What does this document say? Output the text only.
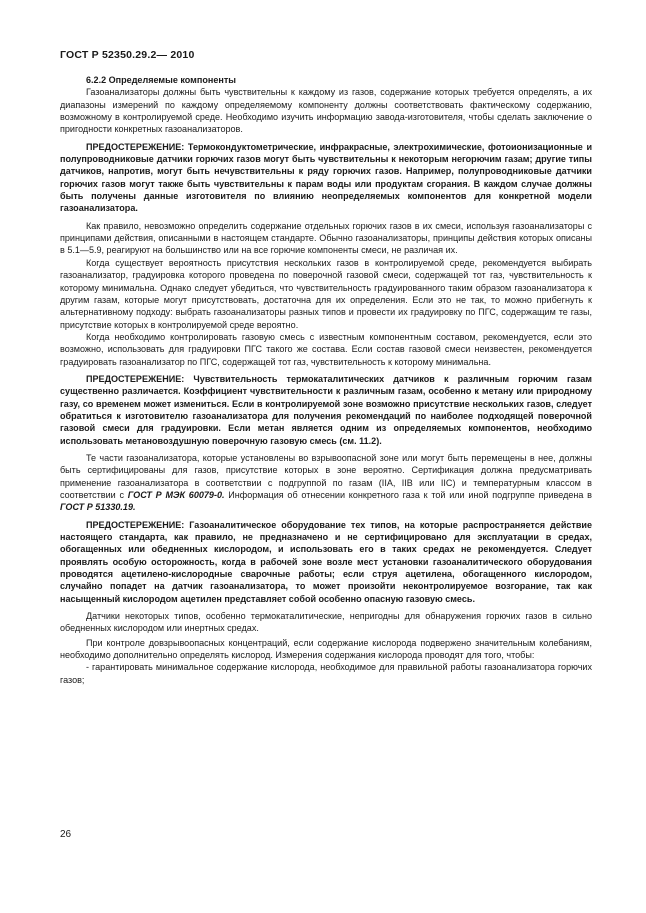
ГОСТ Р 52350.29.2— 2010

6.2.2 Определяемые компоненты

Газоанализаторы должны быть чувствительны к каждому из газов, содержание которых требуется определять, а их диапазоны измерений по каждому определяемому компоненту должны соответствовать фактическому содержанию, возможному в контролируемой среде. Необходимо изучить информацию завода-изготовителя, чтобы сделать заключение о пригодности конкретных газоанализаторов.

ПРЕДОСТЕРЕЖЕНИЕ: Термокондуктометрические, инфракрасные, электрохимические, фотоионизационные и полупроводниковые датчики горючих газов могут быть чувствительны к некоторым негорючим газам; другие типы датчиков, напротив, могут быть нечувствительны к ряду горючих газов. Например, полупроводниковые датчики горючих газов могут также быть чувствительны к парам воды или продуктам сгорания. В каждом случае должны быть получены данные изготовителя по влиянию неопределяемых компонентов для конкретной модели газоанализатора.

Как правило, невозможно определить содержание отдельных горючих газов в их смеси, используя газоанализаторы с принципами действия, описанными в настоящем стандарте. Обычно газоанализаторы, принципы действия которых описаны в 5.1—5.9, реагируют на большинство или на все горючие компоненты смеси, не различая их.

Когда существует вероятность присутствия нескольких газов в контролируемой среде, рекомендуется выбирать газоанализатор, градуировка которого проведена по поверочной газовой смеси, содержащей тот газ, чувствительность к которому минимальна. Однако следует убедиться, что чувствительность градуированного таким образом газоанализатора к другим газам, которые могут присутствовать, достаточна для их определения. Если это не так, то можно прибегнуть к альтернативному подходу: выбрать газоанализаторы разных типов и провести их градуировку по ПГС, содержащим те газы, присутствие которых в контролируемой среде вероятно.

Когда необходимо контролировать газовую смесь с известным компонентным составом, рекомендуется, если это возможно, использовать для градуировки ПГС такого же состава. Если состав газовой смеси неизвестен, рекомендуется градуировать газоанализатор по ПГС, содержащей тот газ, чувствительность к которому минимальна.

ПРЕДОСТЕРЕЖЕНИЕ: Чувствительность термокаталитических датчиков к различным горючим газам существенно различается. Коэффициент чувствительности к различным газам, особенно к метану или природному газу, со временем может измениться. Если в контролируемой зоне возможно присутствие нескольких газов, следует обратиться к изготовителю газоанализатора для получения рекомендаций по наиболее подходящей поверочной газовой смеси для градуировки. Если метан является одним из определяемых компонентов, необходимо использовать метановоздушную поверочную газовую смесь (см. 11.2).

Те части газоанализатора, которые установлены во взрывоопасной зоне или могут быть перемещены в нее, должны быть сертифицированы для газов, присутствие которых в зоне вероятно. Сертификация должна предусматривать применение газоанализатора в соответствии с подгруппой по газам (IIA, IIB или IIC) и температурным классом в соответствии с ГОСТ Р МЭК 60079-0. Информация об отнесении конкретного газа к той или иной подгруппе приведена в ГОСТ Р 51330.19.

ПРЕДОСТЕРЕЖЕНИЕ: Газоаналитическое оборудование тех типов, на которые распространяется действие настоящего стандарта, как правило, не предназначено и не сертифицировано для эксплуатации в средах, обогащенных или обедненных кислородом, и использовать его в таких средах не рекомендуется. Следует проявлять особую осторожность, когда в рабочей зоне возле мест установки газоаналитического оборудования проводятся ацетилено-кислородные сварочные работы; если струя ацетилена, обогащенного кислородом, случайно попадет на датчик газоанализатора, то может произойти неконтролируемое возгорание, так как насыщенный кислородом ацетилен представляет собой особенно опасную газовую смесь.

Датчики некоторых типов, особенно термокаталитические, непригодны для обнаружения горючих газов в сильно обедненных кислородом или инертных средах.

При контроле довзрывоопасных концентраций, если содержание кислорода подвержено значительным колебаниям, необходимо дополнительно определять кислород. Измерения содержания кислорода проводят для того, чтобы:

- гарантировать минимальное содержание кислорода, необходимое для правильной работы газоанализатора горючих газов;

26
